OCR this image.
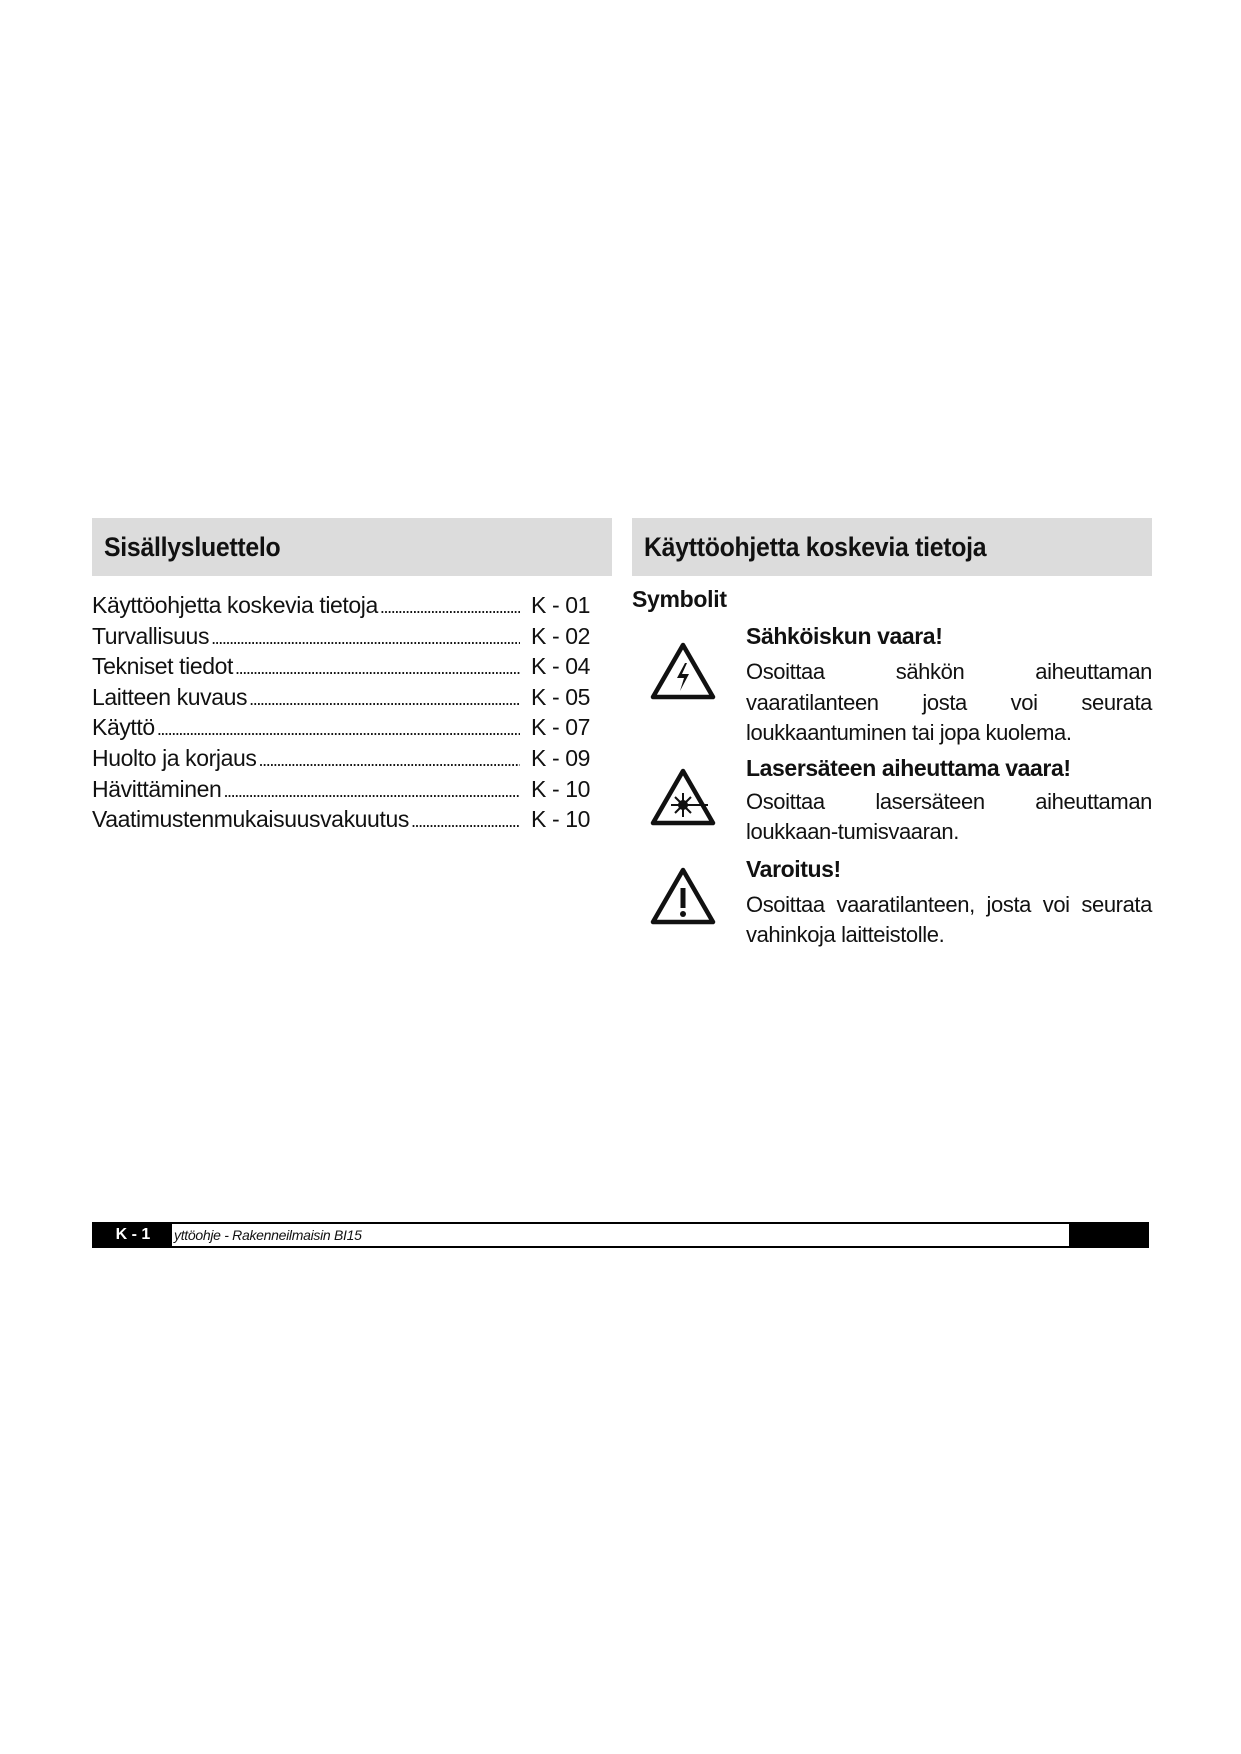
Sisällysluettelo
Käyttöohjetta koskevia tietoja . . .	K - 01
Turvallisuus . . .	K - 02
Tekniset tiedot . . .	K - 04
Laitteen kuvaus . . .	K - 05
Käyttö . . .	K - 07
Huolto ja korjaus . . .	K - 09
Hävittäminen . . .	K - 10
Vaatimustenmukaisuusvakuutus . . .	K - 10
Käyttöohjetta koskevia tietoja
Symbolit
Sähköiskun vaara!
Osoittaa sähkön aiheuttaman vaaratilanteen josta voi seurata loukkaantuminen tai jopa kuolema.
Lasersäteen aiheuttama vaara!
Osoittaa lasersäteen aiheuttaman loukkaan-tumisvaaran.
Varoitus!
Osoittaa vaaratilanteen, josta voi seurata vahinkoja laitteistolle.
K - 1	yttöohje - Rakenneilmaisin BI15
